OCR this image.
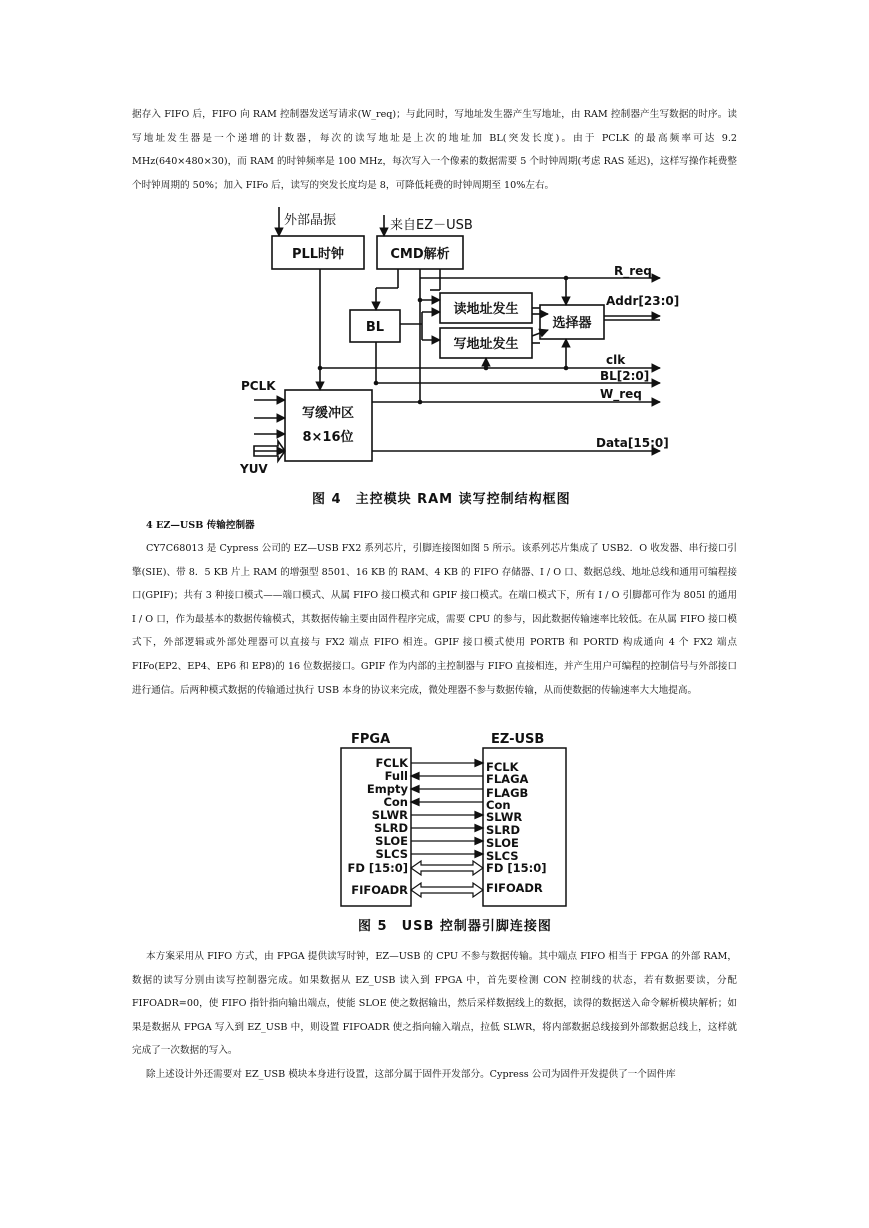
据存入 FIFO 后，FIFO 向 RAM 控制器发送写请求(W_req)；与此同时，写地址发生器产生写地址，由 RAM 控制器产生写数据的时序。读写地址发生器是一个递增的计数器，每次的读写地址是上次的地址加 BL(突发长度)。由于 PCLK 的最高频率可达 9.2 MHz(640×480×30)，而 RAM 的时钟频率是 100 MHz，每次写入一个像素的数据需要 5 个时钟周期(考虑 RAS 延迟)，这样写操作耗费整个时钟周期的 50%；加入 FIFo 后，读写的突发长度均是 8，可降低耗费的时钟周期至 10%左右。

外部晶振	来自EZ－USB
PLL时钟	CMD解析
BL
读地址发生
写地址发生
选择器
写缓冲区
8×16位
PCLK
YUV
R_req
Addr[23:0]
clk
BL[2:0]
W_req
Data[15:0]

图 4　主控模块 RAM 读写控制结构框图

4 EZ—USB 传输控制器

CY7C68013 是 Cypress 公司的 EZ—USB FX2 系列芯片，引脚连接图如图 5 所示。该系列芯片集成了 USB2．O 收发器、串行接口引擎(SIE)、带 8．5 KB 片上 RAM 的增强型 8501、16 KB 的 RAM、4 KB 的 FIFO 存储器、I / O 口、数据总线、地址总线和通用可编程接口(GPIF)；共有 3 种接口模式——端口模式、从属 FIFO 接口模式和 GPIF 接口模式。在端口模式下，所有 I / O 引脚都可作为 805l 的通用 I / O 口，作为最基本的数据传输模式，其数据传输主要由固件程序完成，需要 CPU 的参与，因此数据传输速率比较低。在从属 FIFO 接口模式下，外部逻辑或外部处理器可以直接与 FX2 端点 FIFO 相连。GPIF 接口模式使用 PORTB 和 PORTD 构成通向 4 个 FX2 端点 FIFo(EP2、EP4、EP6 和 EP8)的 16 位数据接口。GPIF 作为内部的主控制器与 FIFO 直接相连，并产生用户可编程的控制信号与外部接口进行通信。后两种模式数据的传输通过执行 USB 本身的协议来完成，微处理器不参与数据传输，从而使数据的传输速率大大地提高。

FPGA	EZ-USB
FCLK
Full
Empty
Con
SLWR
SLRD
SLOE
SLCS
FD [15:0]
FIFOADR
FCLK
FLAGA
FLAGB
Con
SLWR
SLRD
SLOE
SLCS
FD [15:0]
FIFOADR

图 5　USB 控制器引脚连接图

本方案采用从 FIFO 方式，由 FPGA 提供读写时钟，EZ—USB 的 CPU 不参与数据传输。其中端点 FIFO 相当于 FPGA 的外部 RAM，数据的读写分别由读写控制器完成。如果数据从 EZ_USB 读入到 FPGA 中，首先要检测 CON 控制线的状态，若有数据要读，分配 FIFOADR=00，使 FIFO 指针指向输出端点，使能 SLOE 使之数据输出，然后采样数据线上的数据，读得的数据送入命令解析模块解析；如果是数据从 FPGA 写入到 EZ_USB 中，则设置 FIFOADR 使之指向输入端点，拉低 SLWR，将内部数据总线接到外部数据总线上，这样就完成了一次数据的写入。

除上述设计外还需要对 EZ_USB 模块本身进行设置，这部分属于固件开发部分。Cypress 公司为固件开发提供了一个固件库
